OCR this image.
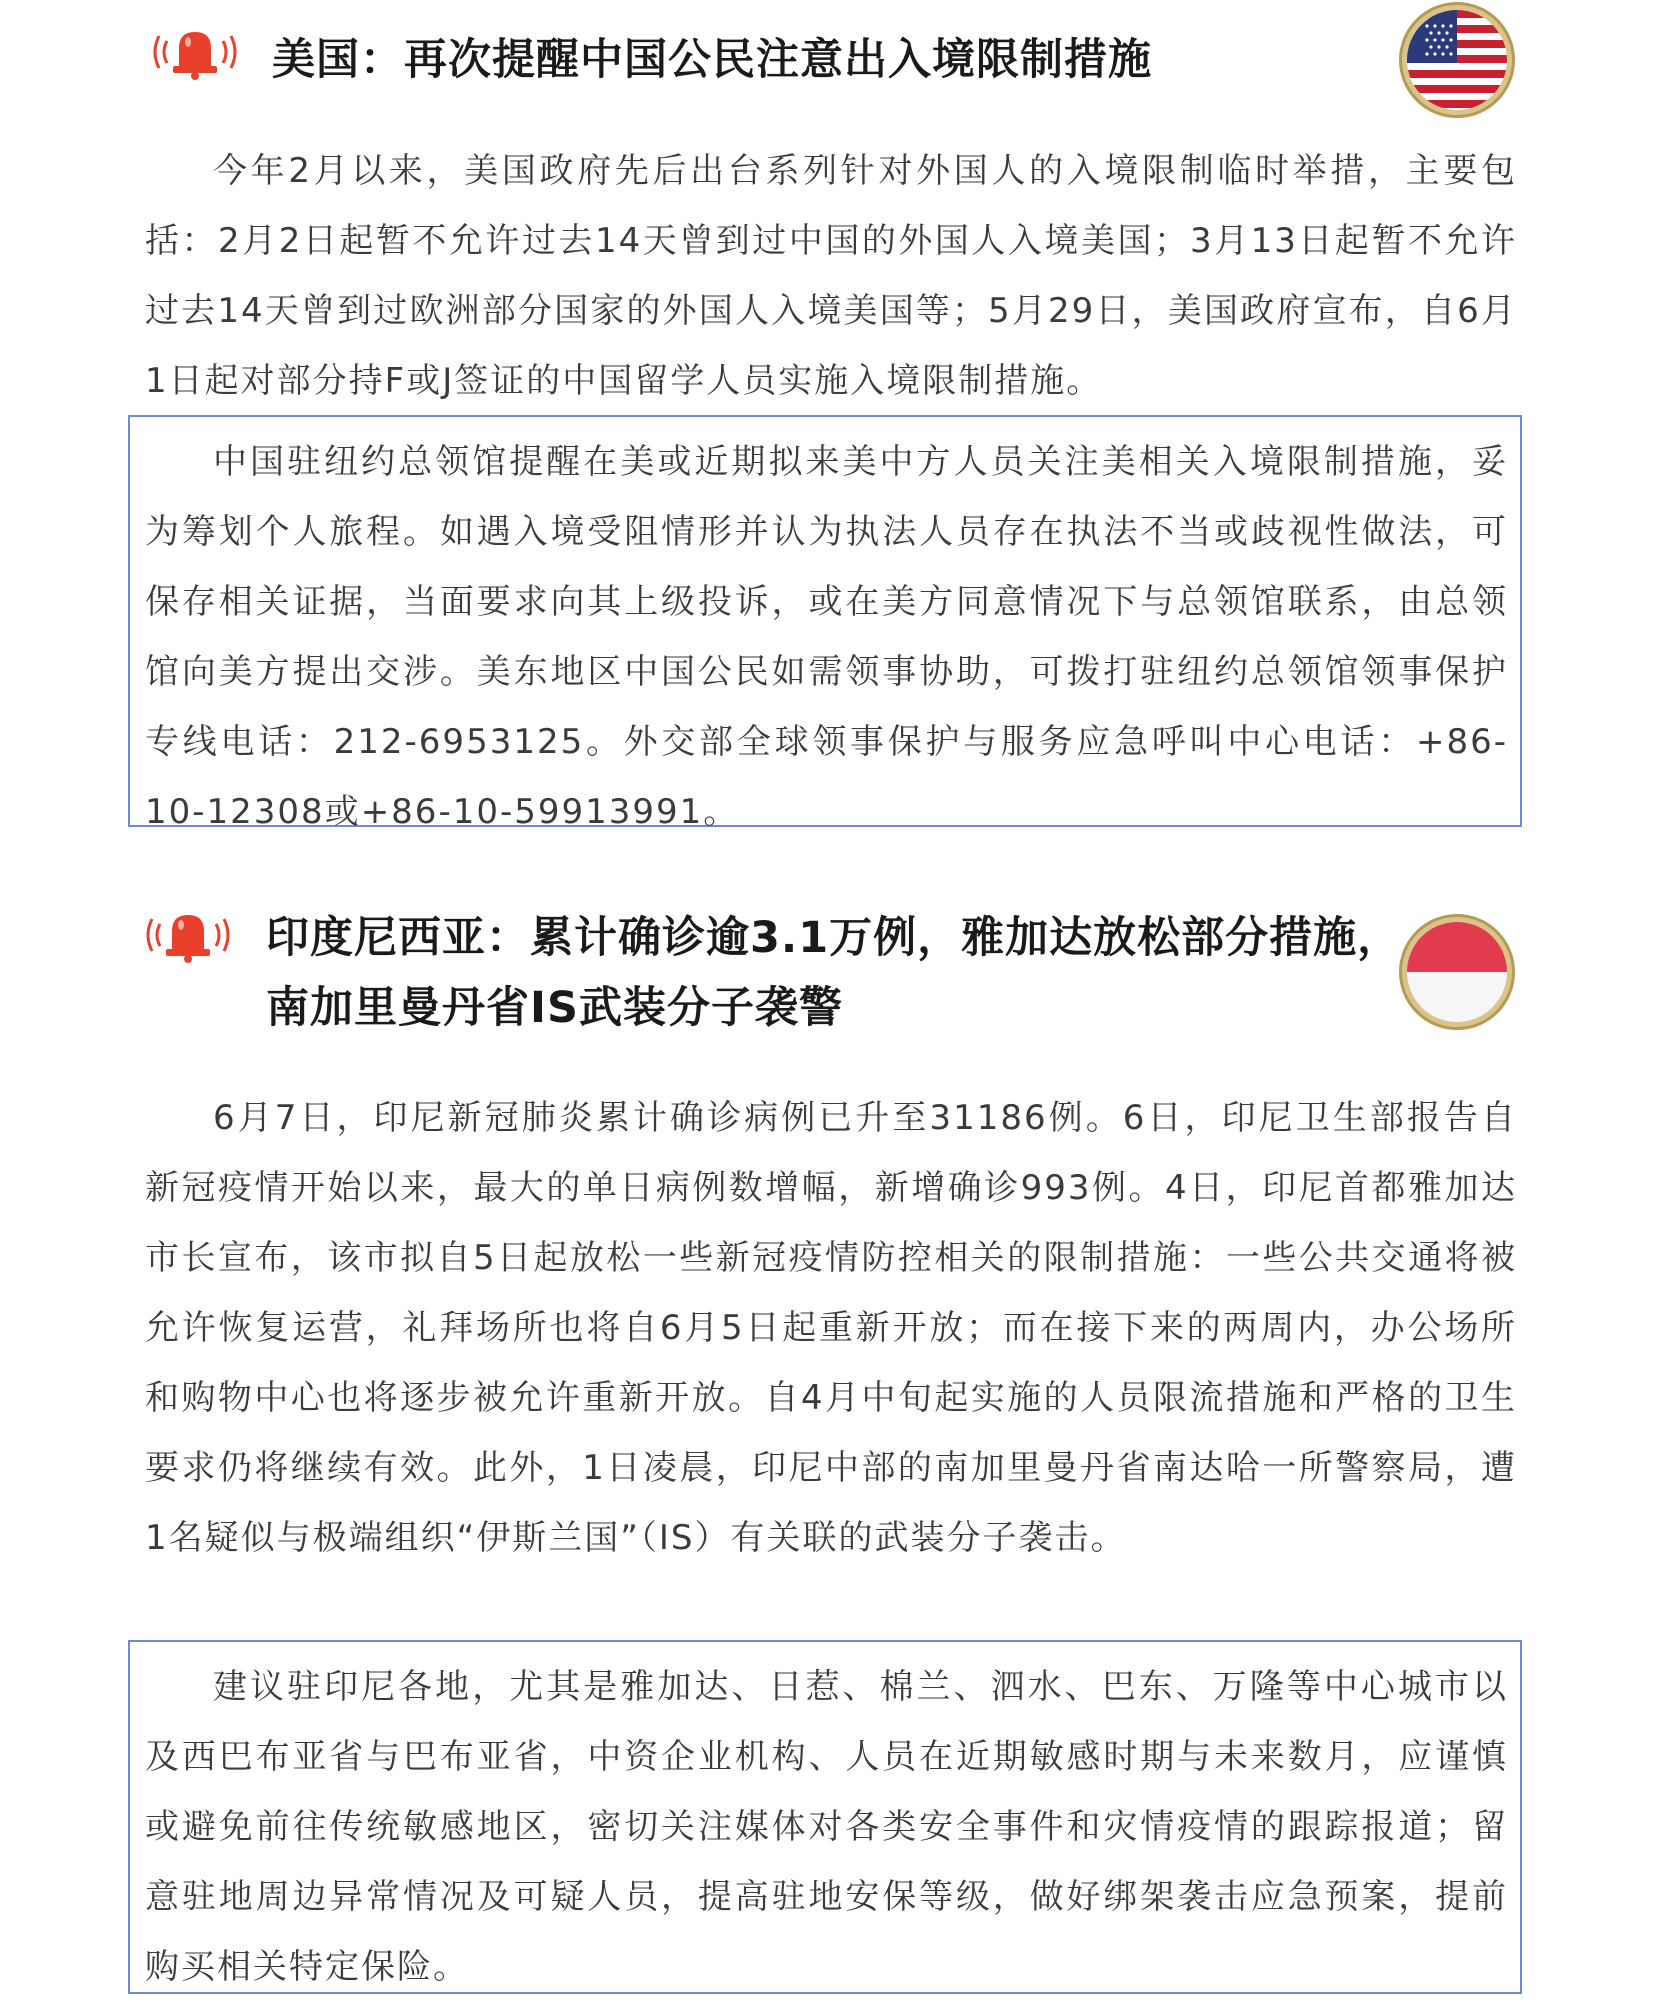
美国：再次提醒中国公民注意出入境限制措施

今年2月以来，美国政府先后出台系列针对外国人的入境限制临时举措，主要包括：2月2日起暂不允许过去14天曾到过中国的外国人入境美国；3月13日起暂不允许过去14天曾到过欧洲部分国家的外国人入境美国等；5月29日，美国政府宣布，自6月1日起对部分持F或J签证的中国留学人员实施入境限制措施。

中国驻纽约总领馆提醒在美或近期拟来美中方人员关注美相关入境限制措施，妥为筹划个人旅程。如遇入境受阻情形并认为执法人员存在执法不当或歧视性做法，可保存相关证据，当面要求向其上级投诉，或在美方同意情况下与总领馆联系，由总领馆向美方提出交涉。美东地区中国公民如需领事协助，可拨打驻纽约总领馆领事保护专线电话：212-6953125。外交部全球领事保护与服务应急呼叫中心电话：+86-10-12308或+86-10-59913991。

印度尼西亚：累计确诊逾3.1万例，雅加达放松部分措施，
南加里曼丹省IS武装分子袭警

6月7日，印尼新冠肺炎累计确诊病例已升至31186例。6日，印尼卫生部报告自新冠疫情开始以来，最大的单日病例数增幅，新增确诊993例。4日，印尼首都雅加达市长宣布，该市拟自5日起放松一些新冠疫情防控相关的限制措施：一些公共交通将被允许恢复运营，礼拜场所也将自6月5日起重新开放；而在接下来的两周内，办公场所和购物中心也将逐步被允许重新开放。自4月中旬起实施的人员限流措施和严格的卫生要求仍将继续有效。此外，1日凌晨，印尼中部的南加里曼丹省南达哈一所警察局，遭1名疑似与极端组织“伊斯兰国”（IS）有关联的武装分子袭击。

建议驻印尼各地，尤其是雅加达、日惹、棉兰、泗水、巴东、万隆等中心城市以及西巴布亚省与巴布亚省，中资企业机构、人员在近期敏感时期与未来数月，应谨慎或避免前往传统敏感地区，密切关注媒体对各类安全事件和灾情疫情的跟踪报道；留意驻地周边异常情况及可疑人员，提高驻地安保等级，做好绑架袭击应急预案，提前购买相关特定保险。
